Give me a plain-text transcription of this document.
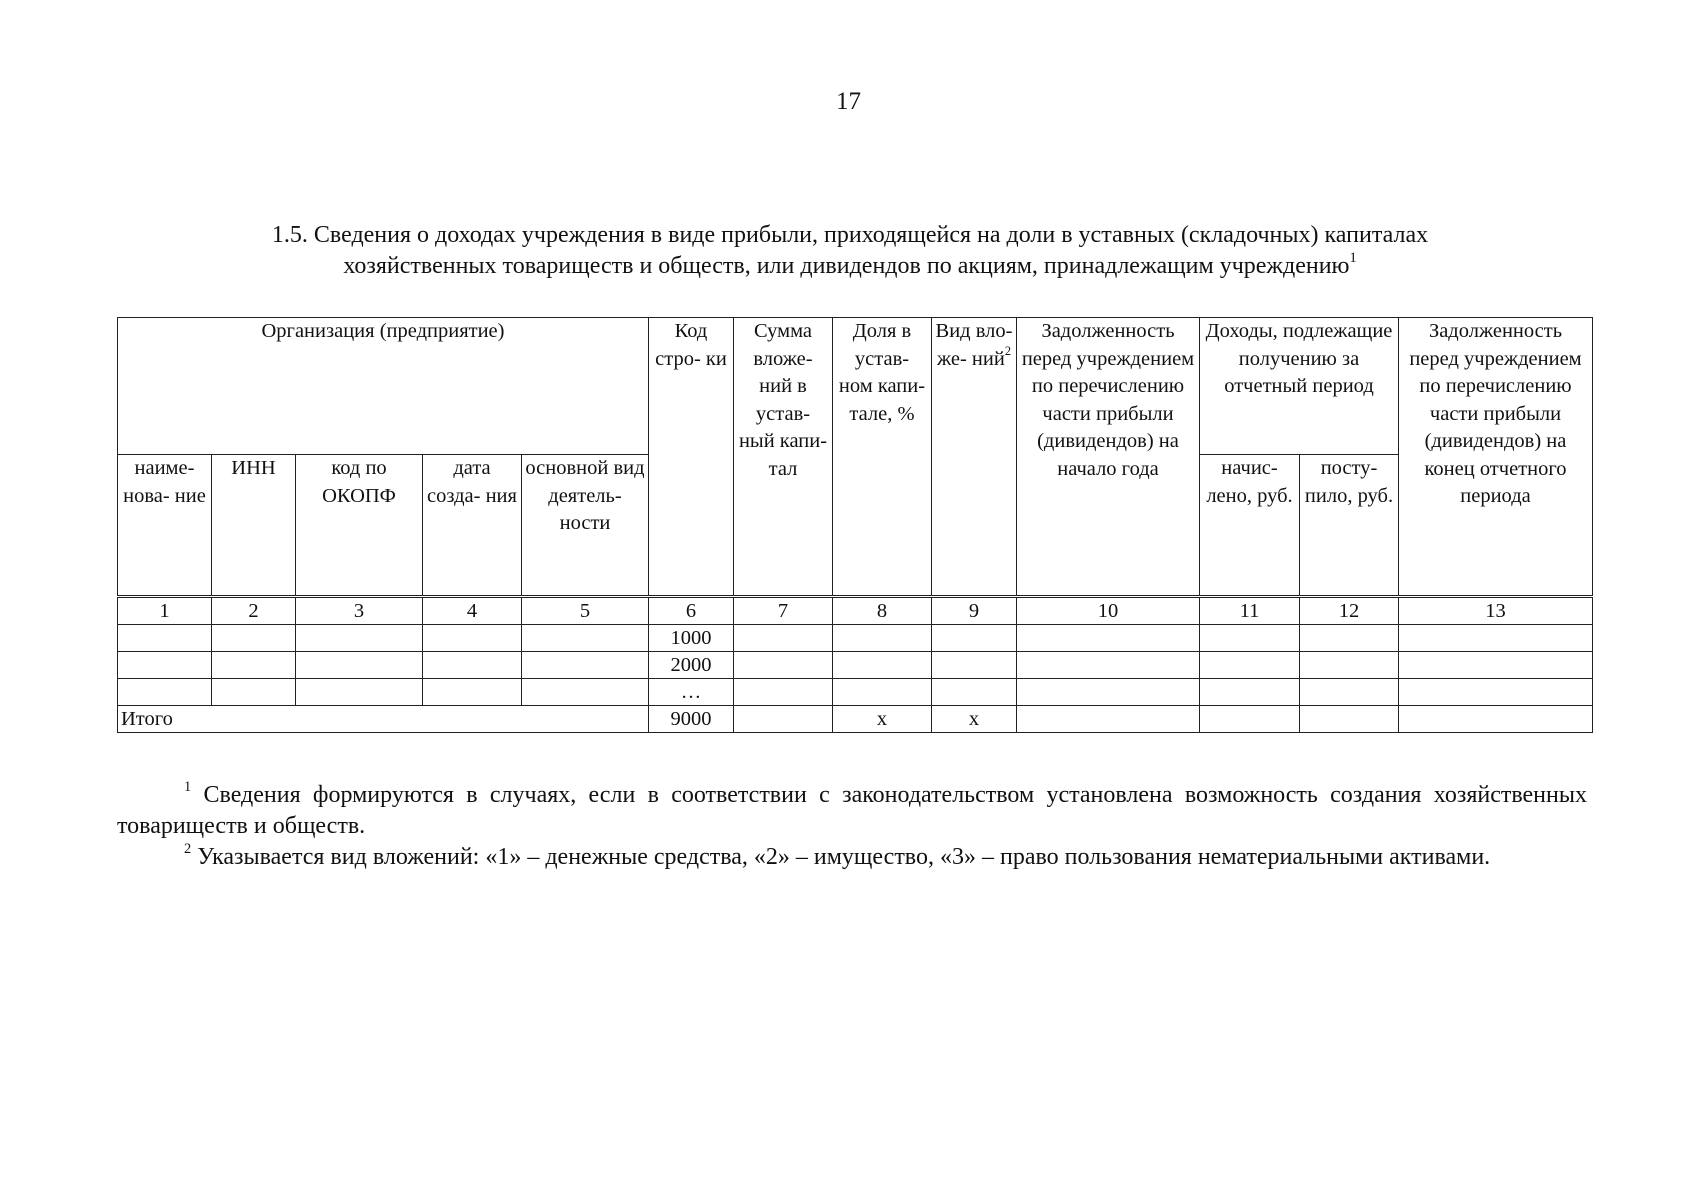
17
1.5. Сведения о доходах учреждения в виде прибыли, приходящейся на доли в уставных (складочных) капиталах
хозяйственных товариществ и обществ, или дивидендов по акциям, принадлежащим учреждению$^1$
Организация (предприятие)					Код стро- ки	Сумма вложе- ний в устав- ный капи- тал	Доля в устав- ном капи- тале, %	Вид вло- же- ний$^2$	Задолженность перед учреждением по перечислению части прибыли (дивидендов) на начало года	Доходы, подлежащие получению за отчетный период		Задолженность перед учреждением по перечислению части прибыли (дивидендов) на конец отчетного периода
наиме- нова- ние	ИНН	код по ОКОПФ	дата созда- ния	основной вид деятель- ности						начис- лено, руб.	посту- пило, руб.	
1	2	3	4	5	6	7	8	9	10	11	12	13
					1000							
					2000							
					…							
Итого					9000		x	x				

$^1$ Сведения формируются в случаях, если в соответствии с законодательством установлена возможность создания хозяйственных товариществ и обществ.

$^2$ Указывается вид вложений: «1» – денежные средства, «2» – имущество, «3» – право пользования нематериальными активами.
